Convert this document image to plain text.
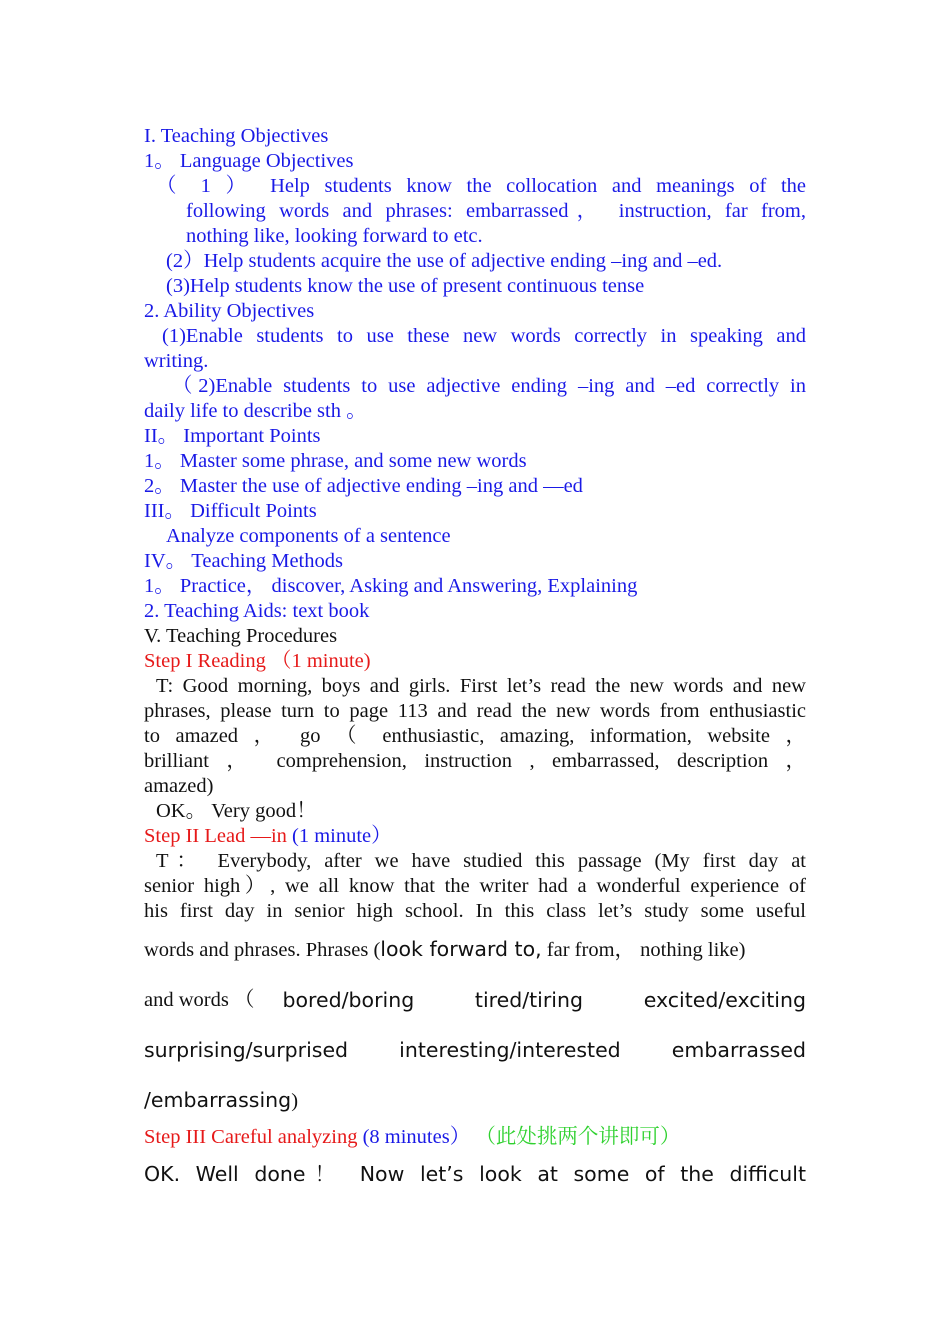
I. Teaching Objectives
1。 Language Objectives
（ 1 ） Help students know the collocation and meanings of the
following words and phrases: embarrassed， instruction, far from,
nothing like, looking forward to etc.
(2）Help students acquire the use of adjective ending –ing and –ed.
(3)Help students know the use of present continuous tense
2. Ability Objectives
(1)Enable students to use these new words correctly in speaking and
writing.
（2)Enable students to use adjective ending –ing and –ed correctly in
daily life to describe sth 。
II。 Important Points
1。 Master some phrase, and some new words
2。 Master the use of adjective ending –ing and —ed
III。 Difficult Points
Analyze components of a sentence
IV。 Teaching Methods
1。 Practice， discover, Asking and Answering, Explaining
2. Teaching Aids: text book
V. Teaching Procedures
Step I Reading （1 minute)
T: Good morning, boys and girls. First let’s read the new words and new
phrases, please turn to page 113 and read the new words from enthusiastic
to amazed ， go （ enthusiastic, amazing, information, website ，
brilliant ， comprehension, instruction , embarrassed, description ，
amazed)
OK。 Very good！
Step II Lead —in (1 minute）
T： Everybody, after we have studied this passage (My first day at
senior high）, we all know that the writer had a wonderful experience of
his first day in senior high school. In this class let’s study some useful
words and phrases. Phrases (look forward to, far from， nothing like)
and words （	bored/boring tired/tiring excited/exciting
surprising/surprised interesting/interested embarrassed
/embarrassing)
Step III Careful analyzing (8 minutes） （此处挑两个讲即可）
OK. Well done！ Now let’s look at some of the difficult
